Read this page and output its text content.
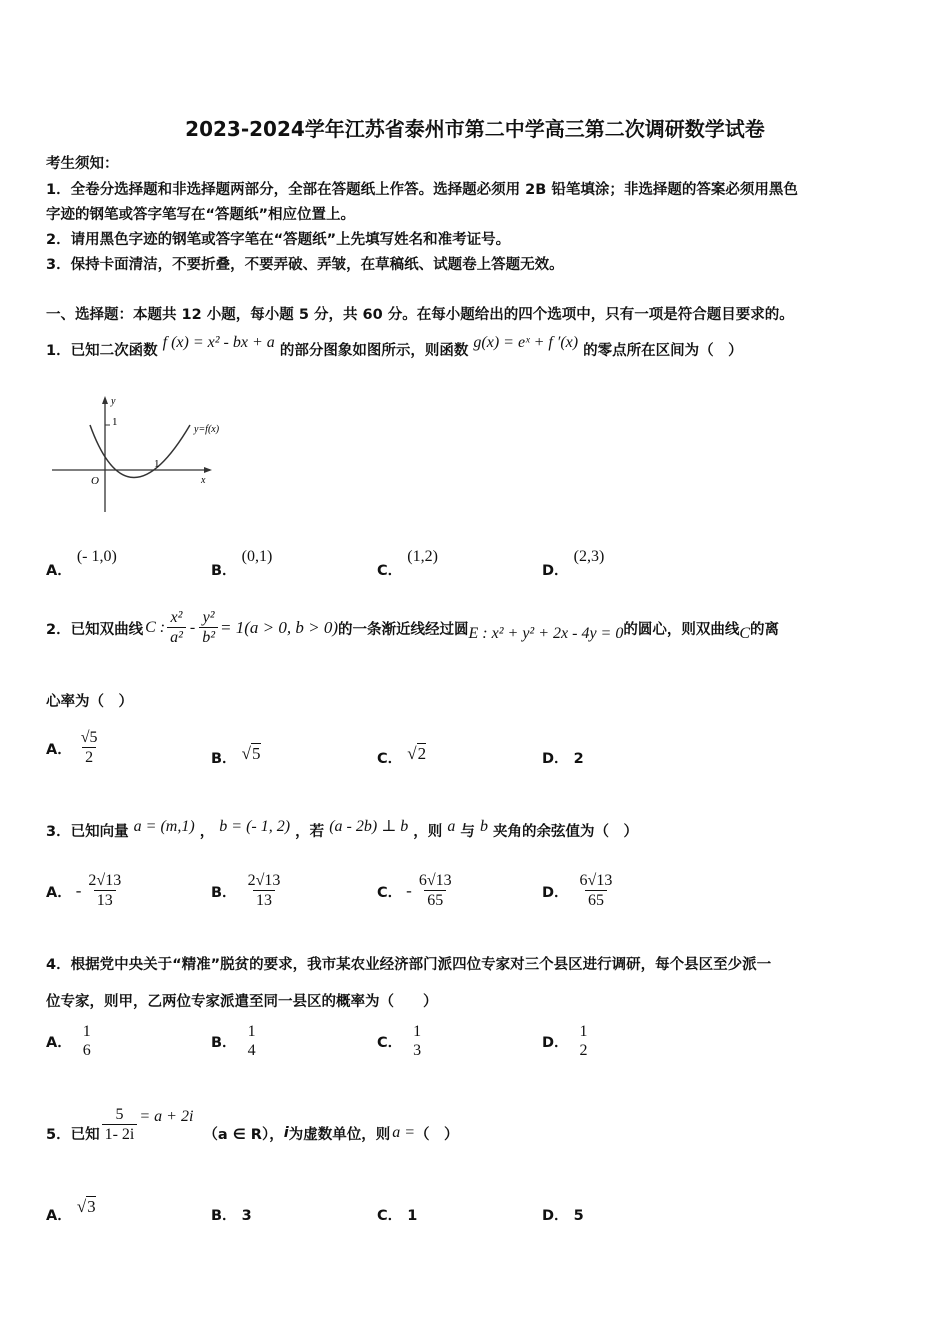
2023-2024学年江苏省泰州市第二中学高三第二次调研数学试卷
考生须知：
1．全卷分选择题和非选择题两部分，全部在答题纸上作答。选择题必须用 2B 铅笔填涂；非选择题的答案必须用黑色
字迹的钢笔或答字笔写在“答题纸”相应位置上。
2．请用黑色字迹的钢笔或答字笔在“答题纸”上先填写姓名和准考证号。
3．保持卡面清洁，不要折叠，不要弄破、弄皱，在草稿纸、试题卷上答题无效。
一、选择题：本题共 12 小题，每小题 5 分，共 60 分。在每小题给出的四个选项中，只有一项是符合题目要求的。
1．已知二次函数 f (x) = x² - bx + a 的部分图象如图所示，则函数 g(x) = eˣ + f ′(x) 的零点所在区间为（　）
y
x
O
1
1
y=f(x)
A． (- 1,0)
B． (0,1)
C． (1,2)
D． (2,3)
2．已知双曲线 C : $\frac{\text{x²}}{\text{a²}} - \frac{\text{y²}}{\text{b²}} = 1(a > 0$, b > 0) 的一条渐近线经过圆 E : x² + y² + 2x - 4y = 0 的圆心，则双曲线 C 的离
心率为（　）
A． $\frac{√5}{2}$	B． √5	C． √2	D． 2
3．已知向量 a = (m,1) ， b = (- 1, 2) ，若 (a - 2b) ⊥ b ，则 a 与 b 夹角的余弦值为（　）
A． - $\frac{2√13}{13}$	B． $\frac{2√13}{13}$	C． - $\frac{6√13}{65}$	D． $\frac{6√13}{65}$
4．根据党中央关于“精准”脱贫的要求，我市某农业经济部门派四位专家对三个县区进行调研，每个县区至少派一
位专家，则甲，乙两位专家派遣至同一县区的概率为（　　）
A．
1
6	B．
1
4	C．
1
3	D．
1
2
5．已知 $\frac{5}{1- 2i} = a + 2i$
（a ∈ R）， i 为虚数单位，则 a = （　）
A． √3	B． 3	C． 1	D． 5
